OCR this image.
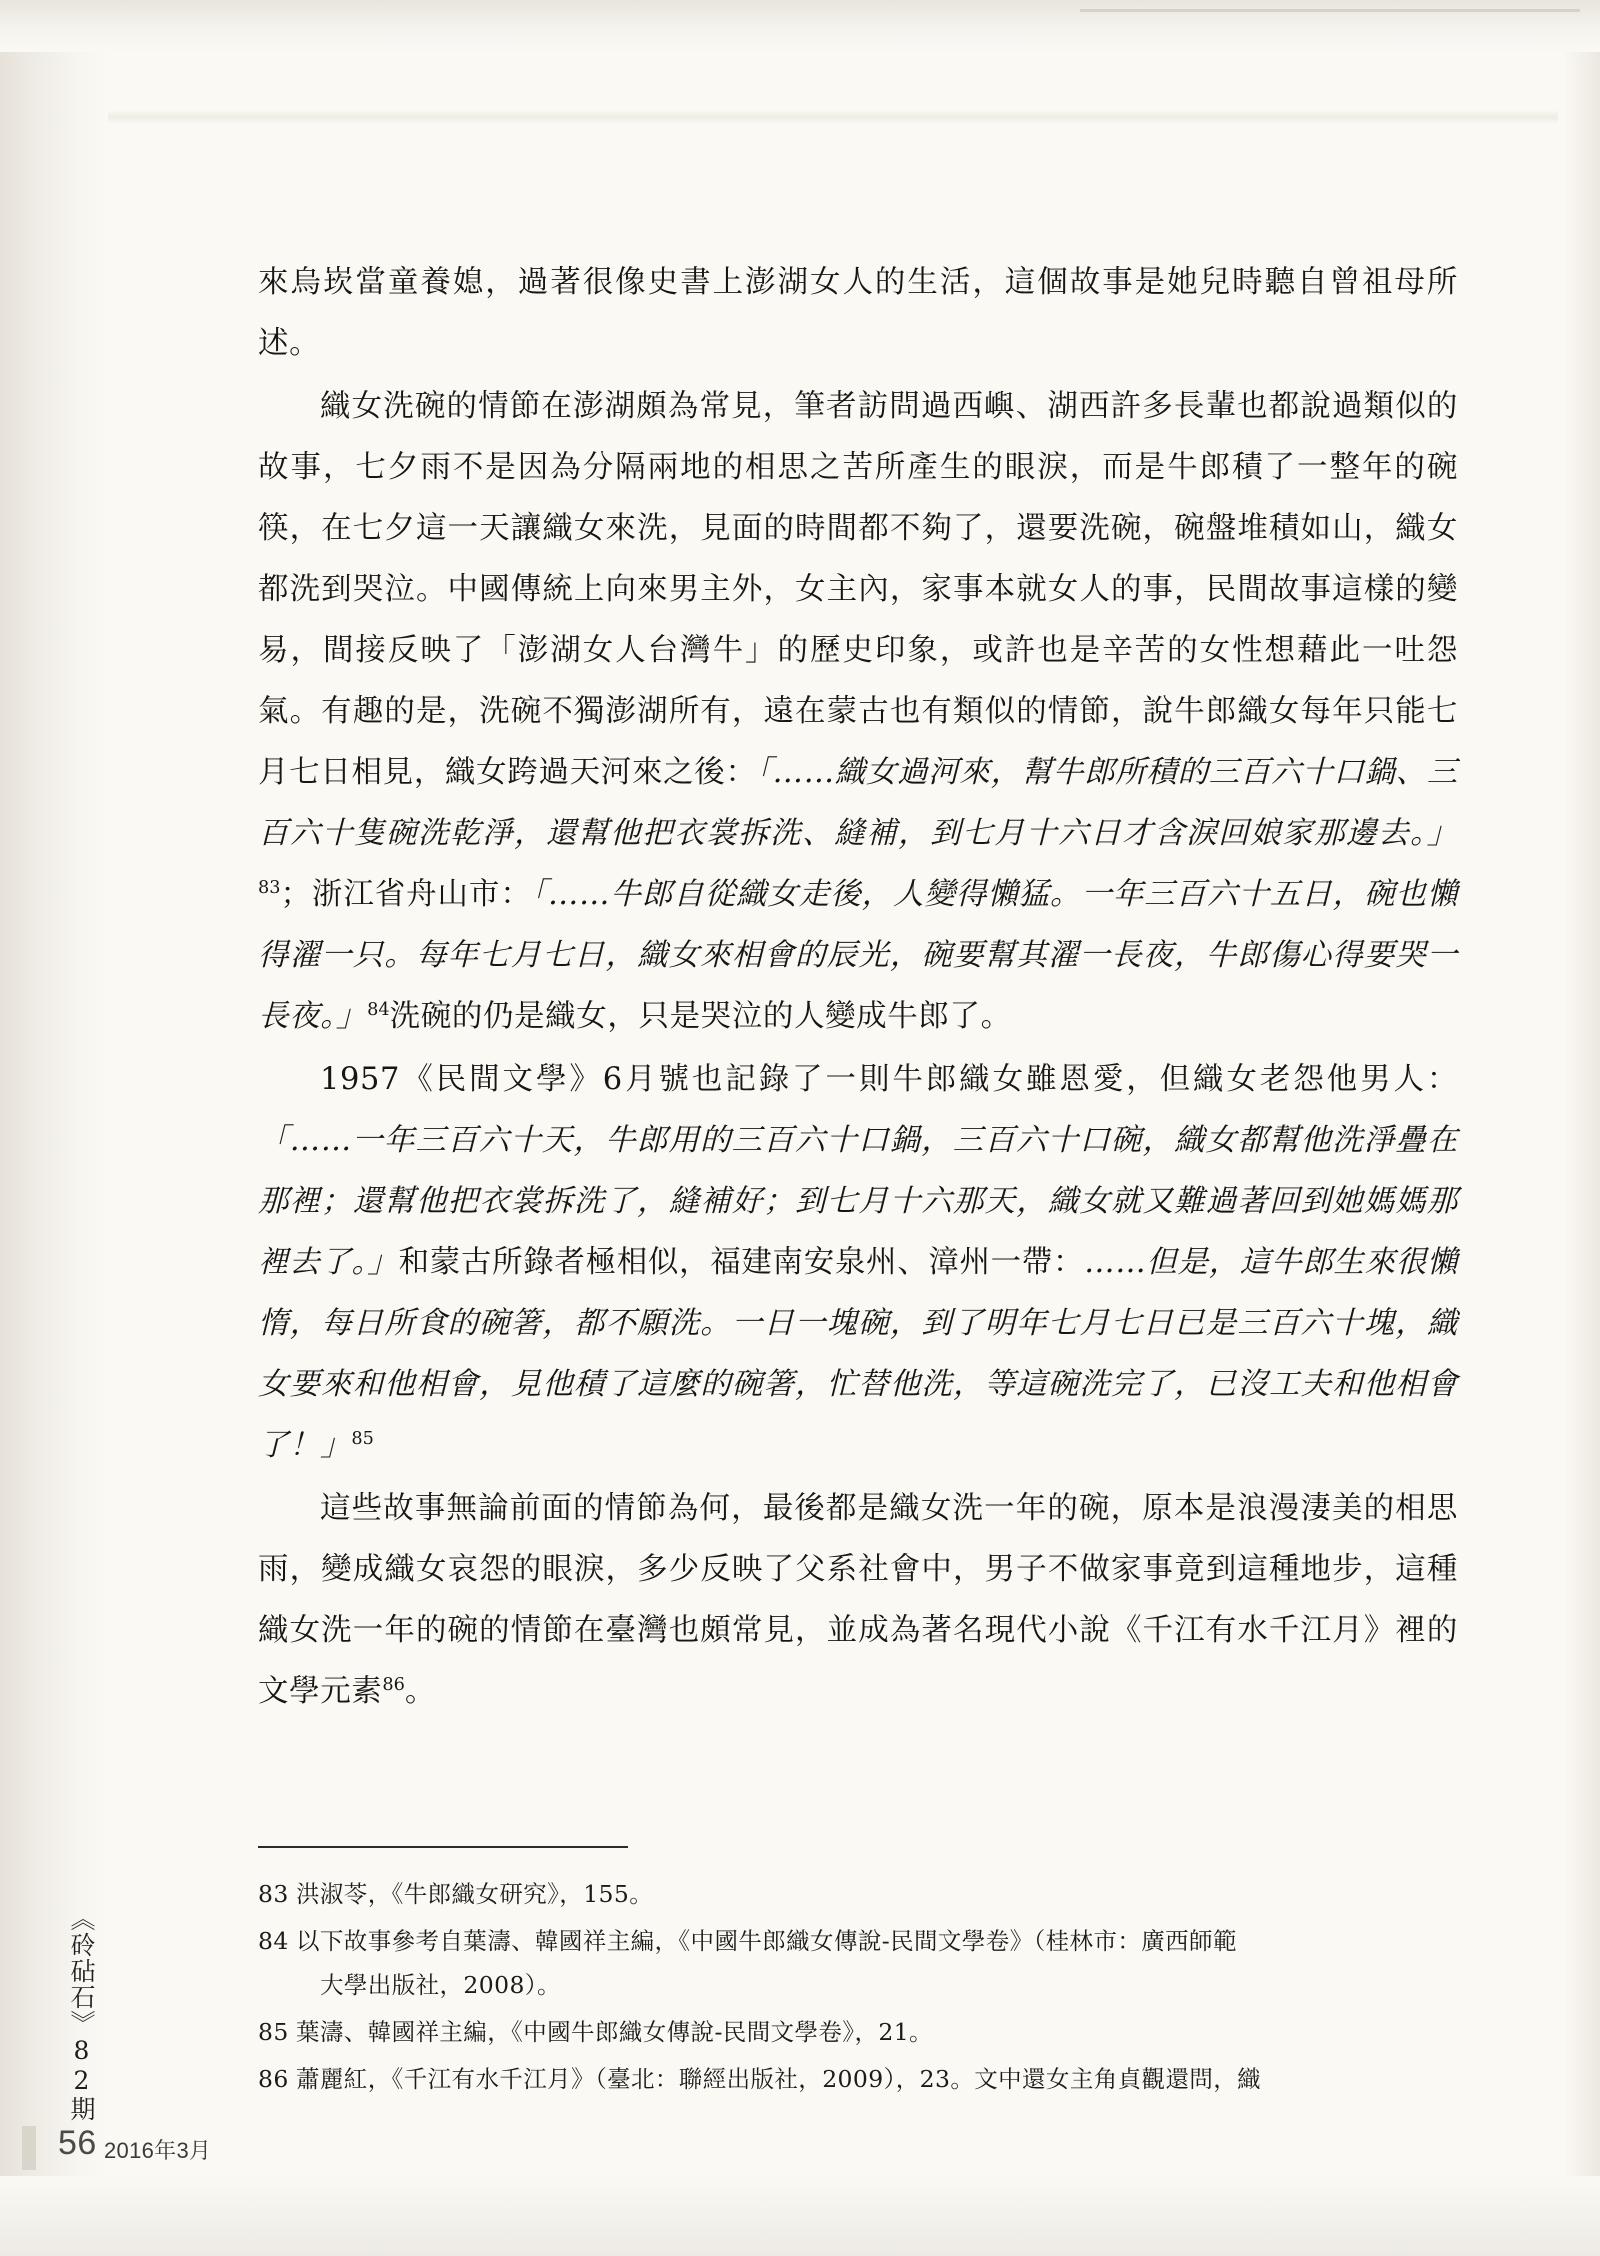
來烏崁當童養媳，過著很像史書上澎湖女人的生活，這個故事是她兒時聽自曾祖母所述。

織女洗碗的情節在澎湖頗為常見，筆者訪問過西嶼、湖西許多長輩也都說過類似的故事，七夕雨不是因為分隔兩地的相思之苦所產生的眼淚，而是牛郎積了一整年的碗筷，在七夕這一天讓織女來洗，見面的時間都不夠了，還要洗碗，碗盤堆積如山，織女都洗到哭泣。中國傳統上向來男主外，女主內，家事本就女人的事，民間故事這樣的變易，間接反映了「澎湖女人台灣牛」的歷史印象，或許也是辛苦的女性想藉此一吐怨氣。有趣的是，洗碗不獨澎湖所有，遠在蒙古也有類似的情節，說牛郎織女每年只能七月七日相見，織女跨過天河來之後：「……織女過河來，幫牛郎所積的三百六十口鍋、三百六十隻碗洗乾淨，還幫他把衣裳拆洗、縫補，到七月十六日才含淚回娘家那邊去。」$^{83}$；浙江省舟山市：「……牛郎自從織女走後，人變得懶猛。一年三百六十五日，碗也懶得濯一只。每年七月七日，織女來相會的辰光，碗要幫其濯一長夜，牛郎傷心得要哭一長夜。」$^{84}$洗碗的仍是織女，只是哭泣的人變成牛郎了。

1957《民間文學》6月號也記錄了一則牛郎織女雖恩愛，但織女老怨他男人：「……一年三百六十天，牛郎用的三百六十口鍋，三百六十口碗，織女都幫他洗淨疊在那裡；還幫他把衣裳拆洗了，縫補好；到七月十六那天，織女就又難過著回到她媽媽那裡去了。」和蒙古所錄者極相似，福建南安泉州、漳州一帶：……但是，這牛郎生來很懶惰，每日所食的碗箸，都不願洗。一日一塊碗，到了明年七月七日已是三百六十塊，織女要來和他相會，見他積了這麼的碗箸，忙替他洗，等這碗洗完了，已沒工夫和他相會了！」$^{85}$

這些故事無論前面的情節為何，最後都是織女洗一年的碗，原本是浪漫淒美的相思雨，變成織女哀怨的眼淚，多少反映了父系社會中，男子不做家事竟到這種地步，這種織女洗一年的碗的情節在臺灣也頗常見，並成為著名現代小說《千江有水千江月》裡的文學元素$^{86}$。

83 洪淑苓，《牛郎織女研究》，155。
84 以下故事參考自葉濤、韓國祥主編，《中國牛郎織女傳說-民間文學卷》（桂林市：廣西師範
大學出版社，2008）。
85 葉濤、韓國祥主編，《中國牛郎織女傳說-民間文學卷》，21。
86 蕭麗紅，《千江有水千江月》（臺北：聯經出版社，2009），23。文中還女主角貞觀還問，織
《砱砧石》82期
56 2016年3月
